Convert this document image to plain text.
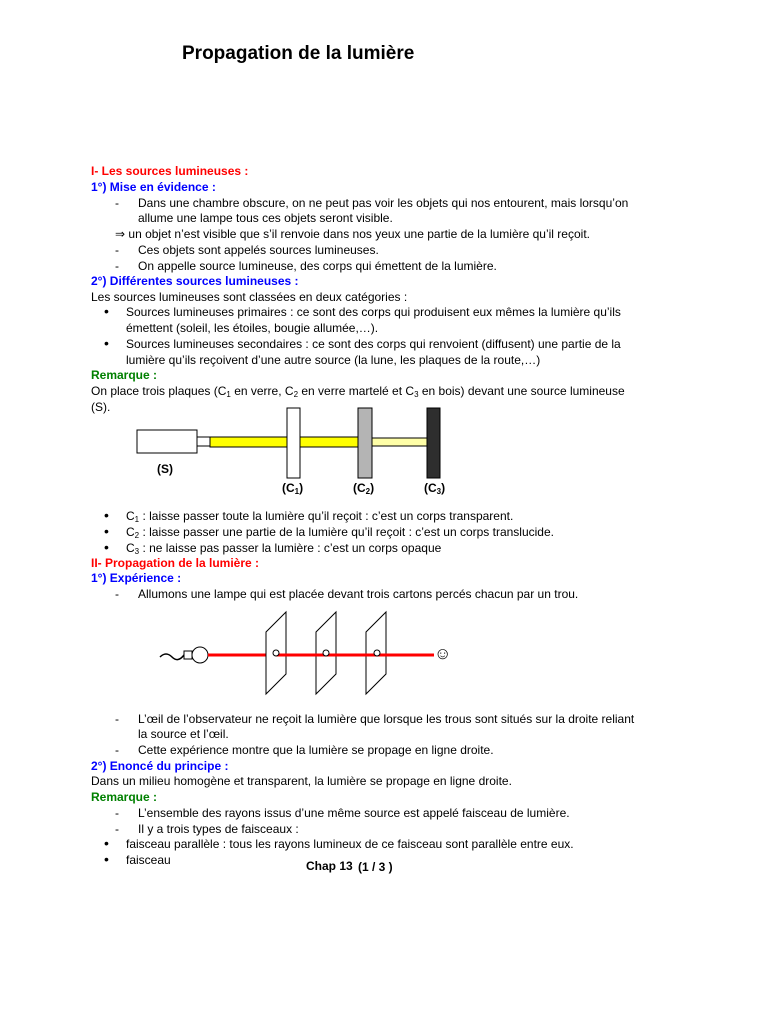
Propagation de la lumière
I- Les sources lumineuses :
1°) Mise en évidence :
- Dans une chambre obscure, on ne peut pas voir les objets qui nos entourent, mais lorsqu’on
allume une lampe tous ces objets seront visible.
⇒ un objet n’est visible que s’il renvoie dans nos yeux une partie de la lumière qu’il reçoit.
- Ces objets sont appelés sources lumineuses.
- On appelle source lumineuse, des corps qui émettent de la lumière.
2°) Différentes sources lumineuses :
Les sources lumineuses sont classées en deux catégories :
• Sources lumineuses primaires : ce sont des corps qui produisent eux mêmes la lumière qu’ils
émettent (soleil, les étoiles, bougie allumée,…).
• Sources lumineuses secondaires : ce sont des corps qui renvoient (diffusent) une partie de la
lumière qu’ils reçoivent d’une autre source (la lune, les plaques de la route,…)
Remarque :
On place trois plaques ($C_1$ en verre, $C_2$ en verre martelé et $C_3$ en bois) devant une source lumineuse
(S).
(S)
$(C_1)$	$(C_2)$	$(C_3)$
• $C_1$ : laisse passer toute la lumière qu’il reçoit : c’est un corps transparent.
• $C_2$ : laisse passer une partie de la lumière qu’il reçoit : c’est un corps translucide.
• $C_3$ : ne laisse pas passer la lumière : c’est un corps opaque
II- Propagation de la lumière :
1°) Expérience :
- Allumons une lampe qui est placée devant trois cartons percés chacun par un trou.
☺
- L’œil de l’observateur ne reçoit la lumière que lorsque les trous sont situés sur la droite reliant
la source et l’œil.
- Cette expérience montre que la lumière se propage en ligne droite.
2°) Enoncé du principe :
Dans un milieu homogène et transparent, la lumière se propage en ligne droite.
Remarque :
- L’ensemble des rayons issus d’une même source est appelé faisceau de lumière.
- Il y a trois types de faisceaux :
• faisceau parallèle : tous les rayons lumineux de ce faisceau sont parallèle entre eux.
• faisceau	Chap 13 (1 / 3 )
